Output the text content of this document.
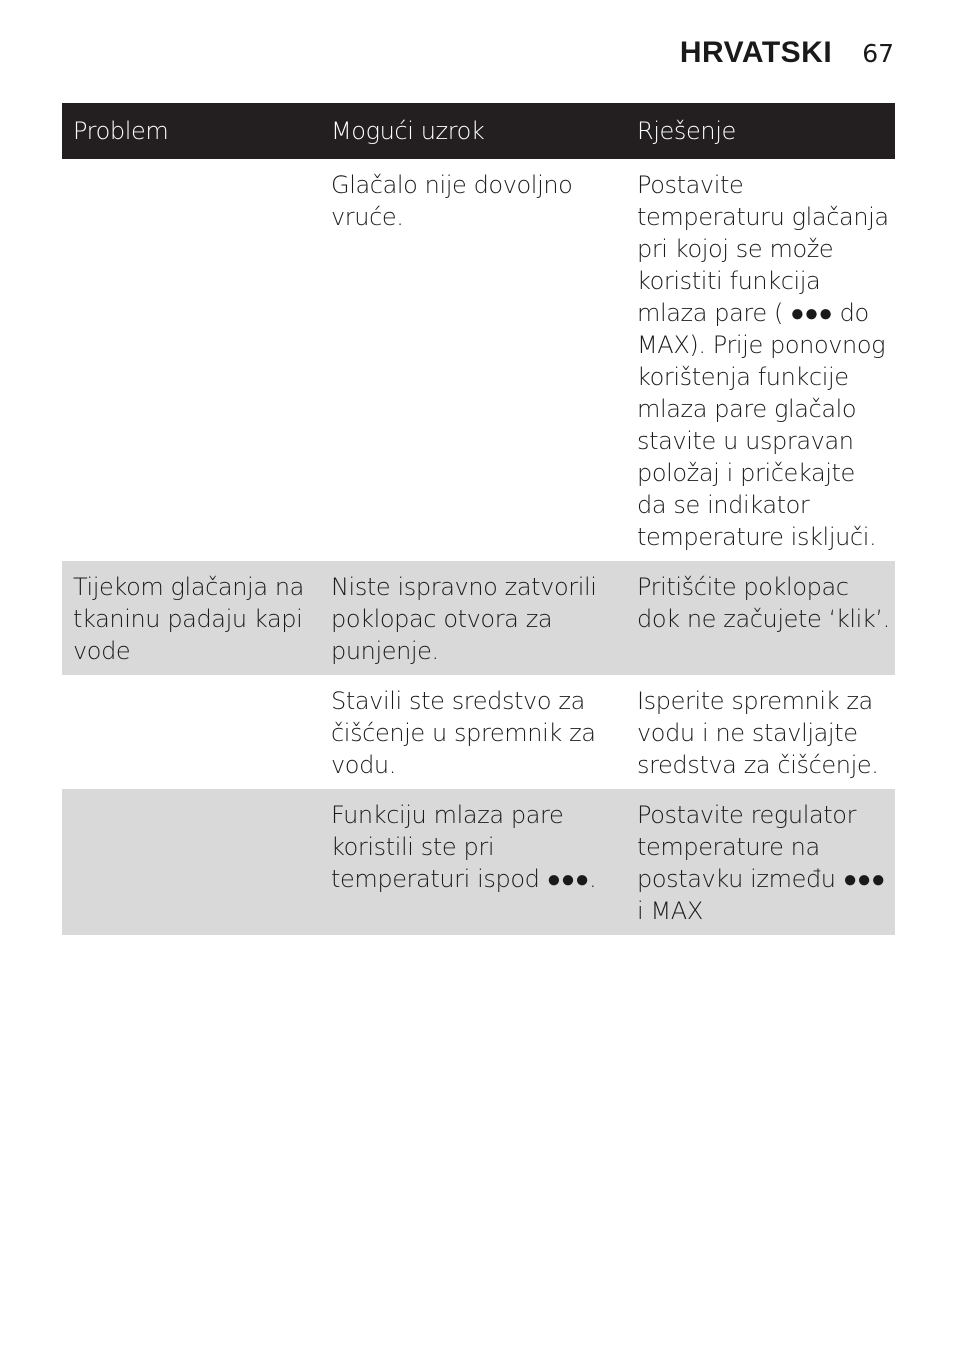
HRVATSKI 67
Problem	Mogući uzrok	Rješenje
Glačalo nije dovoljno vruće.
Postavite temperaturu glačanja pri kojoj se može koristiti funkcija mlaza pare ( ●●● do MAX). Prije ponovnog korištenja funkcije mlaza pare glačalo stavite u uspravan položaj i pričekajte da se indikator temperature isključi.
Tijekom glačanja na tkaninu padaju kapi vode
Niste ispravno zatvorili poklopac otvora za punjenje.
Pritišćite poklopac dok ne začujete ‘klik’.
Stavili ste sredstvo za čišćenje u spremnik za vodu.
Isperite spremnik za vodu i ne stavljajte sredstva za čišćenje.
Funkciju mlaza pare koristili ste pri temperaturi ispod ●●●.
Postavite regulator temperature na postavku između ●●● i MAX
